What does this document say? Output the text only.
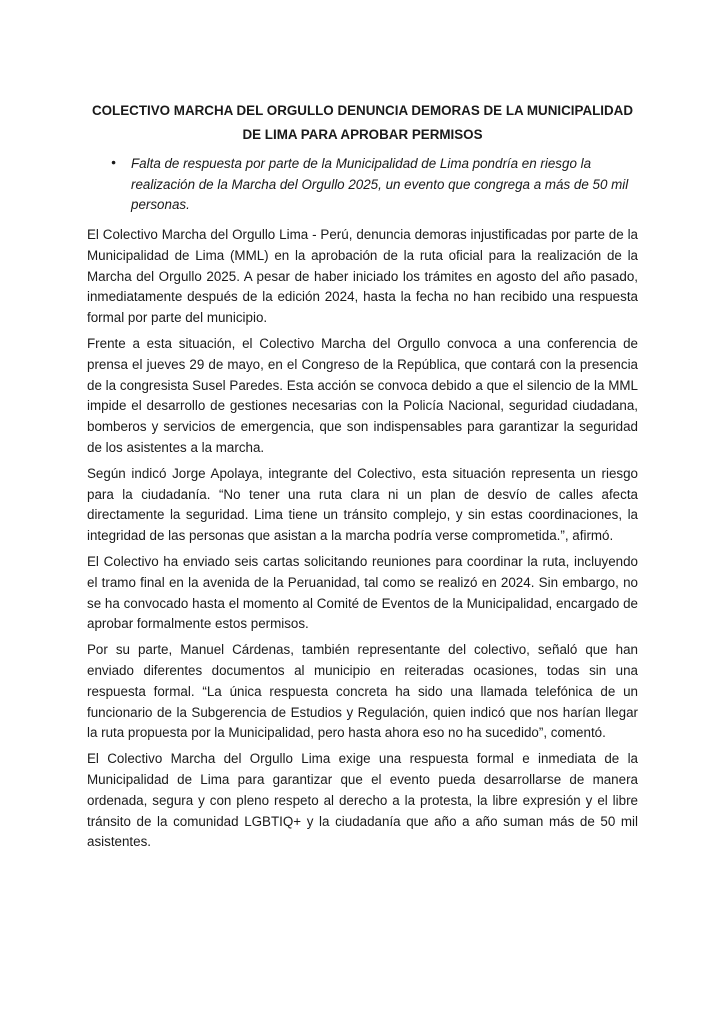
COLECTIVO MARCHA DEL ORGULLO DENUNCIA DEMORAS DE LA MUNICIPALIDAD
DE LIMA PARA APROBAR PERMISOS
● Falta de respuesta por parte de la Municipalidad de Lima pondría en riesgo la realización de la Marcha del Orgullo 2025, un evento que congrega a más de 50 mil personas.

El Colectivo Marcha del Orgullo Lima - Perú, denuncia demoras injustificadas por parte de la Municipalidad de Lima (MML) en la aprobación de la ruta oficial para la realización de la Marcha del Orgullo 2025. A pesar de haber iniciado los trámites en agosto del año pasado, inmediatamente después de la edición 2024, hasta la fecha no han recibido una respuesta formal por parte del municipio.

Frente a esta situación, el Colectivo Marcha del Orgullo convoca a una conferencia de prensa el jueves 29 de mayo, en el Congreso de la República, que contará con la presencia de la congresista Susel Paredes. Esta acción se convoca debido a que el silencio de la MML impide el desarrollo de gestiones necesarias con la Policía Nacional, seguridad ciudadana, bomberos y servicios de emergencia, que son indispensables para garantizar la seguridad de los asistentes a la marcha.

Según indicó Jorge Apolaya, integrante del Colectivo, esta situación representa un riesgo para la ciudadanía. “No tener una ruta clara ni un plan de desvío de calles afecta directamente la seguridad. Lima tiene un tránsito complejo, y sin estas coordinaciones, la integridad de las personas que asistan a la marcha podría verse comprometida.”, afirmó.

El Colectivo ha enviado seis cartas solicitando reuniones para coordinar la ruta, incluyendo el tramo final en la avenida de la Peruanidad, tal como se realizó en 2024. Sin embargo, no se ha convocado hasta el momento al Comité de Eventos de la Municipalidad, encargado de aprobar formalmente estos permisos.

Por su parte, Manuel Cárdenas, también representante del colectivo, señaló que han enviado diferentes documentos al municipio en reiteradas ocasiones, todas sin una respuesta formal. “La única respuesta concreta ha sido una llamada telefónica de un funcionario de la Subgerencia de Estudios y Regulación, quien indicó que nos harían llegar la ruta propuesta por la Municipalidad, pero hasta ahora eso no ha sucedido”, comentó.

El Colectivo Marcha del Orgullo Lima exige una respuesta formal e inmediata de la Municipalidad de Lima para garantizar que el evento pueda desarrollarse de manera ordenada, segura y con pleno respeto al derecho a la protesta, la libre expresión y el libre tránsito de la comunidad LGBTIQ+ y la ciudadanía que año a año suman más de 50 mil asistentes.
